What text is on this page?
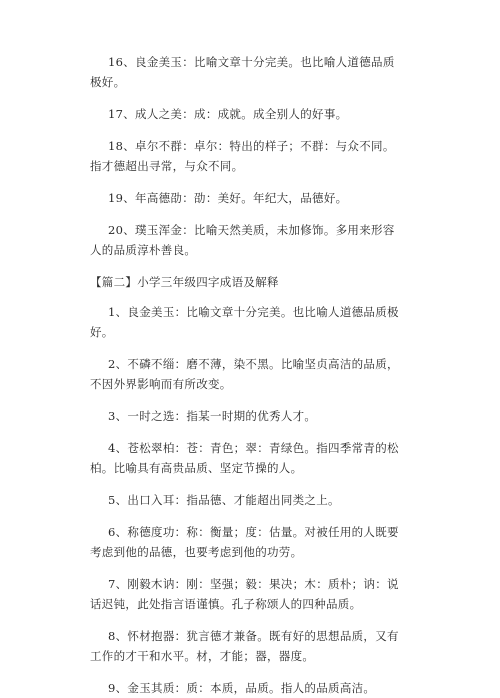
16、良金美玉：比喻文章十分完美。也比喻人道德品质极好。

17、成人之美：成：成就。成全别人的好事。

18、卓尔不群：卓尔：特出的样子；不群：与众不同。指才德超出寻常，与众不同。

19、年高德劭：劭：美好。年纪大，品德好。

20、璞玉浑金：比喻天然美质，未加修饰。多用来形容人的品质淳朴善良。

【篇二】小学三年级四字成语及解释

1、良金美玉：比喻文章十分完美。也比喻人道德品质极好。

2、不磷不缁：磨不薄，染不黑。比喻坚贞高洁的品质，不因外界影响而有所改变。

3、一时之选：指某一时期的优秀人才。

4、苍松翠柏：苍：青色；翠：青绿色。指四季常青的松柏。比喻具有高贵品质、坚定节操的人。

5、出口入耳：指品德、才能超出同类之上。

6、称德度功：称：衡量；度：估量。对被任用的人既要考虑到他的品德，也要考虑到他的功劳。

7、刚毅木讷：刚：坚强；毅：果决；木：质朴；讷：说话迟钝，此处指言语谨慎。孔子称颂人的四种品质。

8、怀材抱器：犹言德才兼备。既有好的思想品质，又有工作的才干和水平。材，才能；器，器度。

9、金玉其质：质：本质，品质。指人的品质高洁。
